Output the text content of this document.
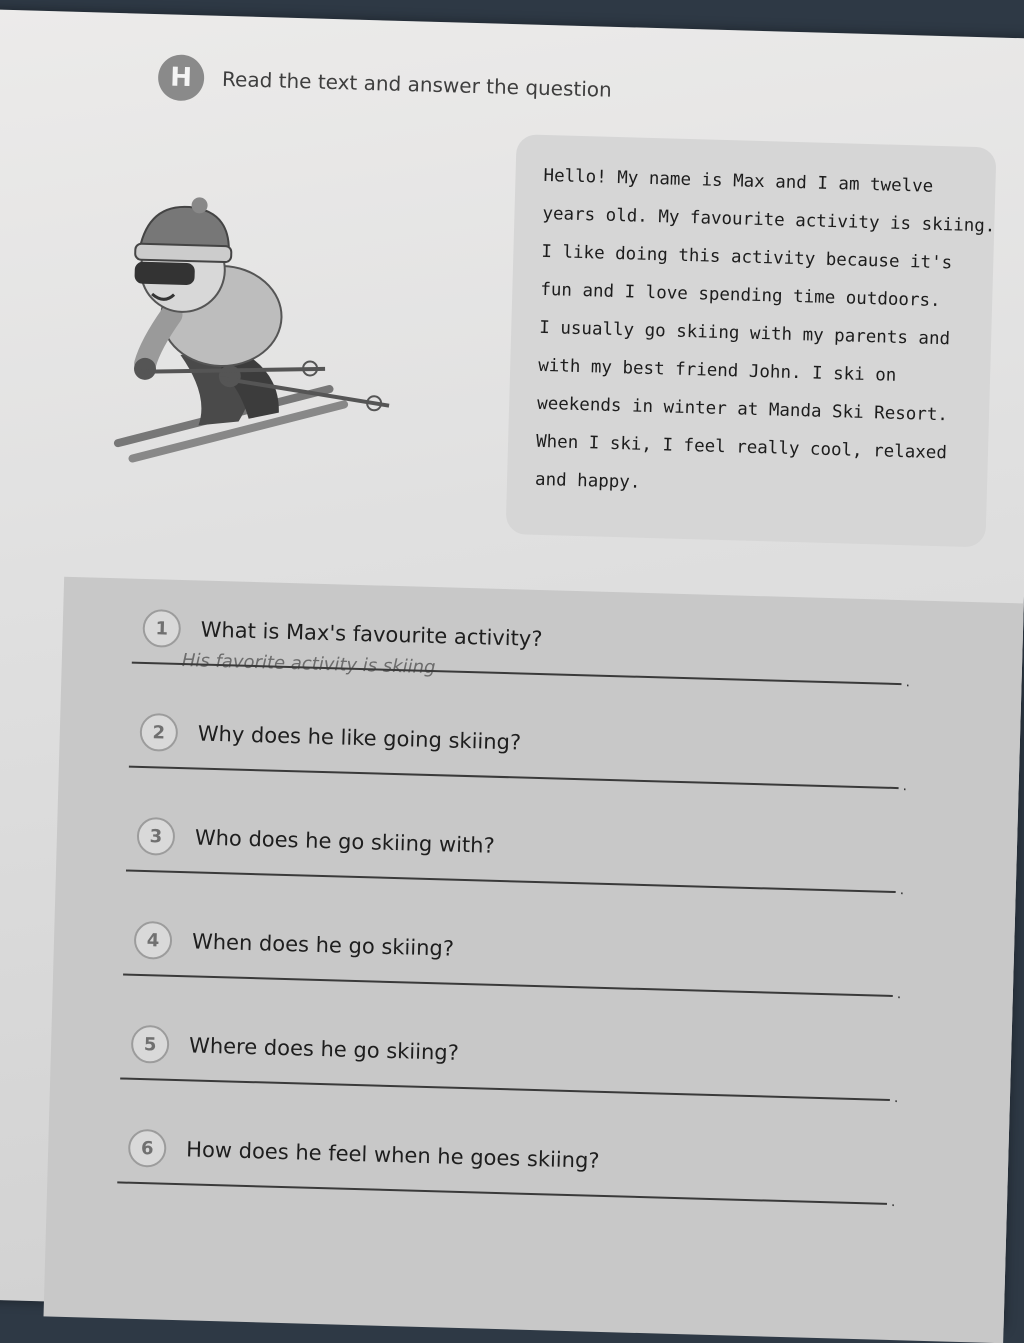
H	Read the text and answer the question
Hello! My name is Max and I am twelve
years old. My favourite activity is skiing.
I like doing this activity because it's
fun and I love spending time outdoors.
I usually go skiing with my parents and
with my best friend John. I ski on
weekends in winter at Manda Ski Resort.
When I ski, I feel really cool, relaxed
and happy.
1	What is Max's favourite activity?
His favorite activity is skiing
.
2	Why does he like going skiing?
.
3	Who does he go skiing with?
.
4	When does he go skiing?
.
5	Where does he go skiing?
.
6	How does he feel when he goes skiing?
.
